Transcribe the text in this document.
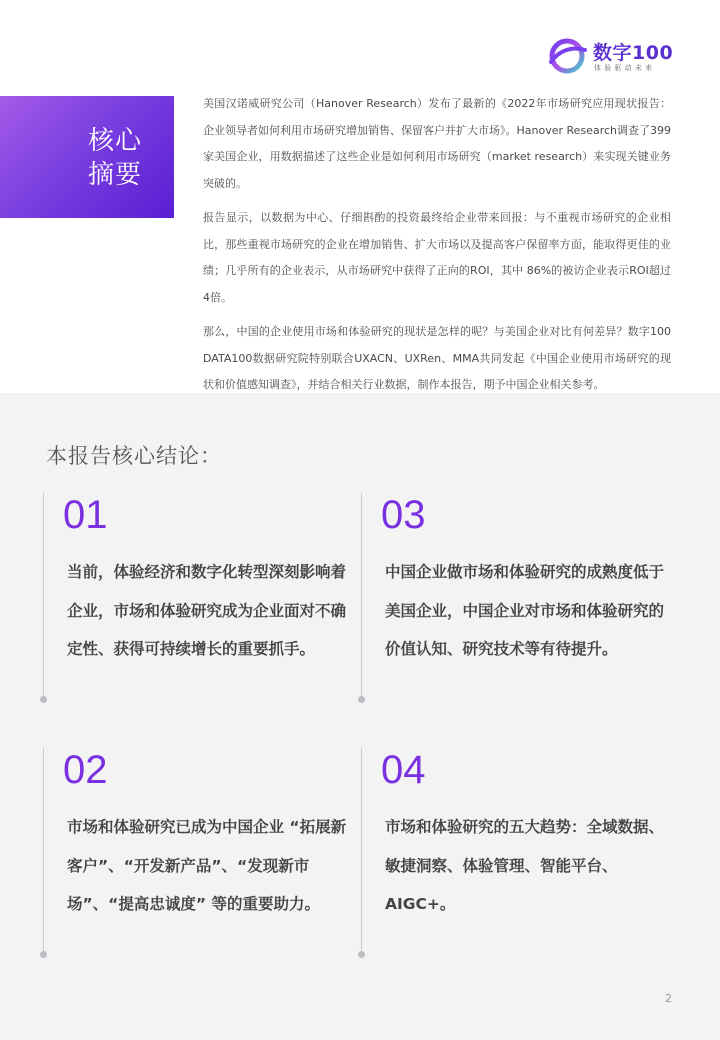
数字100
体验驱动未来
核心
摘要

美国汉诺威研究公司（Hanover Research）发布了最新的《2022年市场研究应用现状报告：企业领导者如何利用市场研究增加销售、保留客户并扩大市场》。Hanover Research调查了399家美国企业，用数据描述了这些企业是如何利用市场研究（market research）来实现关键业务突破的。

报告显示，以数据为中心、仔细斟酌的投资最终给企业带来回报：与不重视市场研究的企业相比，那些重视市场研究的企业在增加销售、扩大市场以及提高客户保留率方面，能取得更佳的业绩；几乎所有的企业表示，从市场研究中获得了正向的ROI，其中 86%的被访企业表示ROI超过4倍。

那么，中国的企业使用市场和体验研究的现状是怎样的呢？与美国企业对比有何差异？数字100 DATA100数据研究院特别联合UXACN、UXRen、MMA共同发起《中国企业使用市场研究的现状和价值感知调查》，并结合相关行业数据，制作本报告，期予中国企业相关参考。

本报告核心结论：
01
当前，体验经济和数字化转型深刻影响着企业，市场和体验研究成为企业面对不确定性、获得可持续增长的重要抓手。
03
中国企业做市场和体验研究的成熟度低于美国企业，中国企业对市场和体验研究的价值认知、研究技术等有待提升。
02
市场和体验研究已成为中国企业 “拓展新客户”、“开发新产品”、“发现新市场”、“提高忠诚度” 等的重要助力。
04
市场和体验研究的五大趋势：全域数据、敏捷洞察、体验管理、智能平台、AIGC+。
2
